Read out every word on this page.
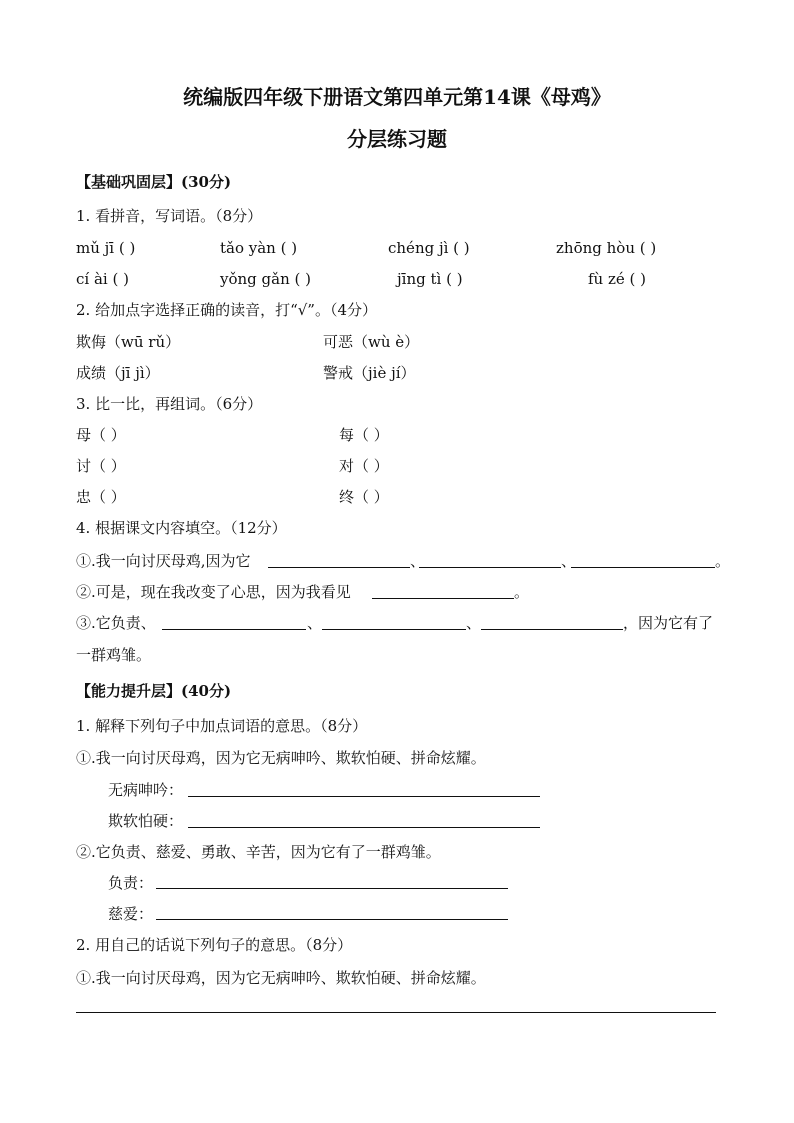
统编版四年级下册语文第四单元第14课《母鸡》
分层练习题
【基础巩固层】(30分)
1. 看拼音，写词语。（8分）
mǔ jī ( )	tǎo yàn ( )	chéng jì ( )	zhōng hòu ( )
cí ài ( )	yǒng gǎn ( )	jīng tì ( )	fù zé ( )
2. 给加点字选择正确的读音，打“√”。（4分）
欺侮（wū rǔ）	可恶（wù è）
成绩（jī jì）	警戒（jiè jí）
3. 比一比，再组词。（6分）
母（ ）	每（ ）
讨（ ）	对（ ）
忠（ ）	终（ ）
4. 根据课文内容填空。（12分）
①.我一向讨厌母鸡,因为它	、	、	。
②.可是，现在我改变了心思，因为我看见	。
③.它负责、	、	、	，因为它有了
一群鸡雏。
【能力提升层】(40分)
1. 解释下列句子中加点词语的意思。（8分）
①.我一向讨厌母鸡，因为它无病呻吟、欺软怕硬、拼命炫耀。
无病呻吟：
欺软怕硬：
②.它负责、慈爱、勇敢、辛苦，因为它有了一群鸡雏。
负责：
慈爱：
2. 用自己的话说下列句子的意思。（8分）
①.我一向讨厌母鸡，因为它无病呻吟、欺软怕硬、拼命炫耀。
